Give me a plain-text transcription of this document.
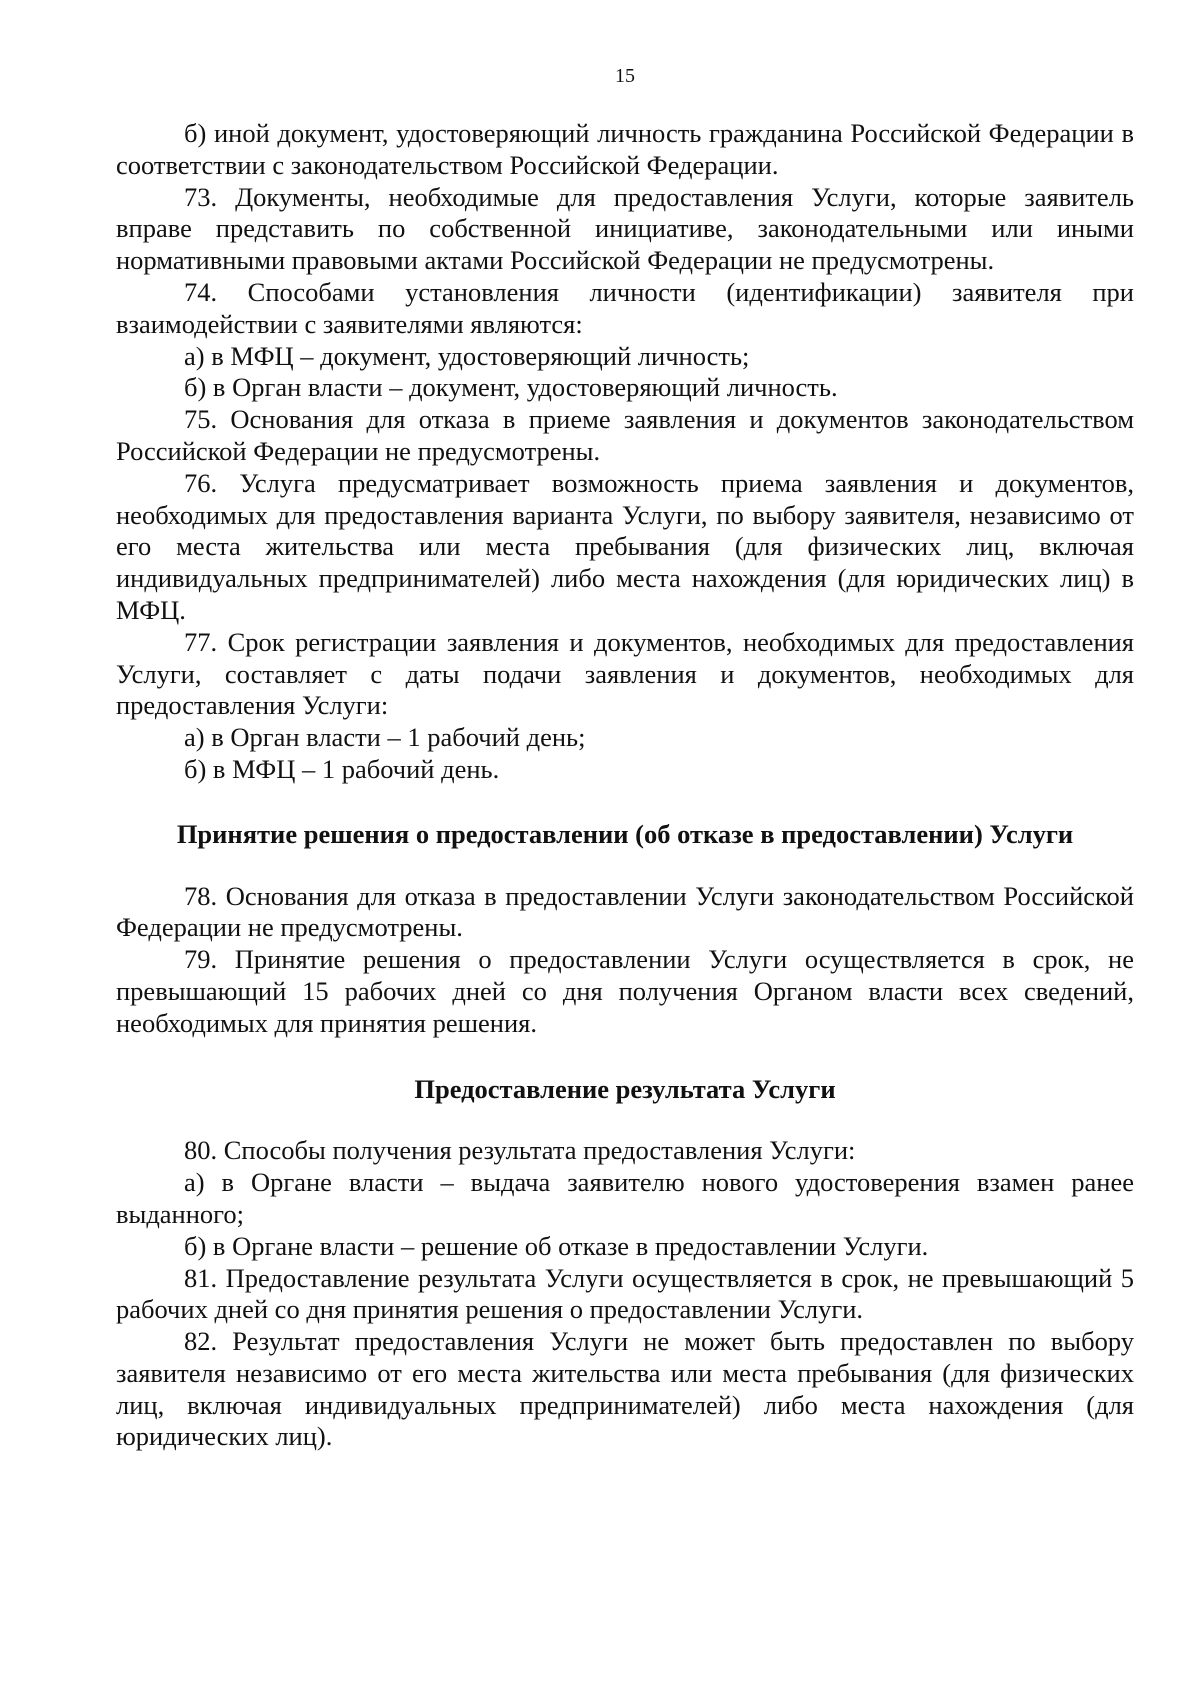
15

б) иной документ, удостоверяющий личность гражданина Российской Федерации в соответствии с законодательством Российской Федерации.

73. Документы, необходимые для предоставления Услуги, которые заявитель вправе представить по собственной инициативе, законодательными или иными нормативными правовыми актами Российской Федерации не предусмотрены.

74. Способами установления личности (идентификации) заявителя при взаимодействии с заявителями являются:

а) в МФЦ – документ, удостоверяющий личность;

б) в Орган власти – документ, удостоверяющий личность.

75. Основания для отказа в приеме заявления и документов законодательством Российской Федерации не предусмотрены.

76. Услуга предусматривает возможность приема заявления и документов, необходимых для предоставления варианта Услуги, по выбору заявителя, независимо от его места жительства или места пребывания (для физических лиц, включая индивидуальных предпринимателей) либо места нахождения (для юридических лиц) в МФЦ.

77. Срок регистрации заявления и документов, необходимых для предоставления Услуги, составляет с даты подачи заявления и документов, необходимых для предоставления Услуги:

а) в Орган власти – 1 рабочий день;

б) в МФЦ – 1 рабочий день.

Принятие решения о предоставлении (об отказе в предоставлении) Услуги

78. Основания для отказа в предоставлении Услуги законодательством Российской Федерации не предусмотрены.

79. Принятие решения о предоставлении Услуги осуществляется в срок, не превышающий 15 рабочих дней со дня получения Органом власти всех сведений, необходимых для принятия решения.

Предоставление результата Услуги

80. Способы получения результата предоставления Услуги:

а) в Органе власти – выдача заявителю нового удостоверения взамен ранее выданного;

б) в Органе власти – решение об отказе в предоставлении Услуги.

81. Предоставление результата Услуги осуществляется в срок, не превышающий 5 рабочих дней со дня принятия решения о предоставлении Услуги.

82. Результат предоставления Услуги не может быть предоставлен по выбору заявителя независимо от его места жительства или места пребывания (для физических лиц, включая индивидуальных предпринимателей) либо места нахождения (для юридических лиц).
